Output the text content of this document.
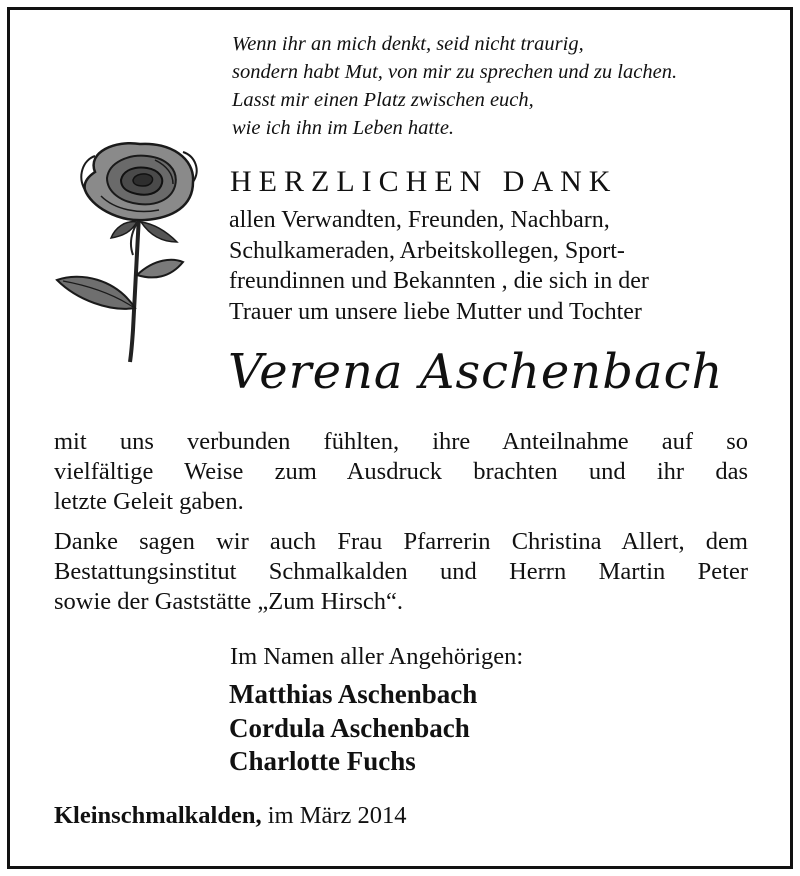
Wenn ihr an mich denkt, seid nicht traurig,
sondern habt Mut, von mir zu sprechen und zu lachen.
Lasst mir einen Platz zwischen euch,
wie ich ihn im Leben hatte.
HERZLICHEN DANK
allen Verwandten, Freunden, Nachbarn,
Schulkameraden, Arbeitskollegen, Sport-
freundinnen und Bekannten , die sich in der
Trauer um unsere liebe Mutter und Tochter
Verena Aschenbach
mit uns verbunden fühlten, ihre Anteilnahme auf so
vielfältige Weise zum Ausdruck brachten und ihr das
letzte Geleit gaben.
Danke sagen wir auch Frau Pfarrerin Christina Allert, dem
Bestattungsinstitut Schmalkalden und Herrn Martin Peter
sowie der Gaststätte „Zum Hirsch“.
Im Namen aller Angehörigen:
Matthias Aschenbach
Cordula Aschenbach
Charlotte Fuchs
Kleinschmalkalden, im März 2014
